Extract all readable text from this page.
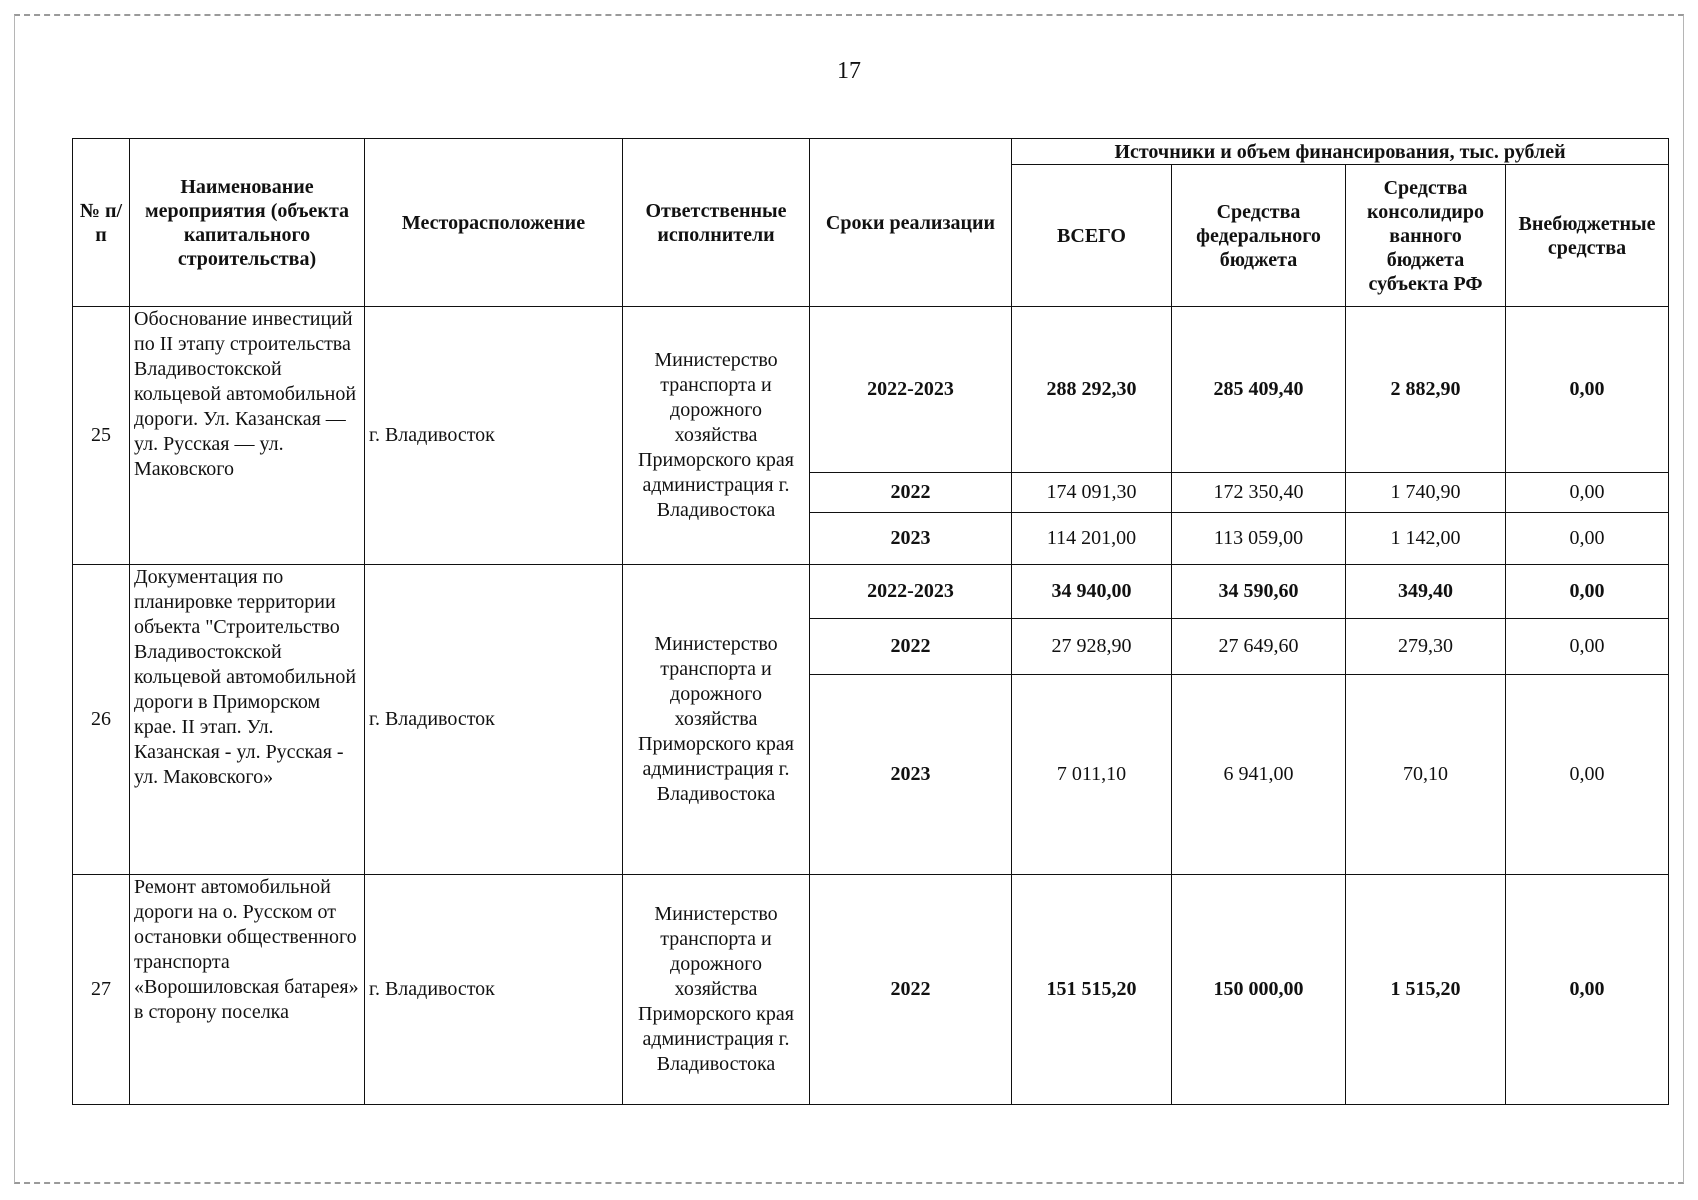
17
№ п/п	Наименование мероприятия (объекта капитального строительства)	Месторасположение	Ответственные исполнители	Сроки реализации	Источники и объем финансирования, тыс. рублей			
					ВСЕГО	Средства федерального бюджета	Средства консолидиро ванного бюджета субъекта РФ	Внебюджетные средства
25	Обоснование инвестиций по II этапу строительства Владивостокской кольцевой автомобильной дороги. Ул. Казанская — ул. Русская — ул. Маковского	г. Владивосток	Министерство транспорта и дорожного хозяйства Приморского края администрация г. Владивостока	2022-2023	288 292,30	285 409,40	2 882,90	0,00
				2022	174 091,30	172 350,40	1 740,90	0,00
				2023	114 201,00	113 059,00	1 142,00	0,00
26	Документация по планировке территории объекта "Строительство Владивостокской кольцевой автомобильной дороги в Приморском крае. II этап. Ул. Казанская - ул. Русская - ул. Маковского»	г. Владивосток	Министерство транспорта и дорожного хозяйства Приморского края администрация г. Владивостока	2022-2023	34 940,00	34 590,60	349,40	0,00
				2022	27 928,90	27 649,60	279,30	0,00
				2023	7 011,10	6 941,00	70,10	0,00
27	Ремонт автомобильной дороги на о. Русском от остановки общественного транспорта «Ворошиловская батарея» в сторону поселка	г. Владивосток	Министерство транспорта и дорожного хозяйства Приморского края администрация г. Владивостока	2022	151 515,20	150 000,00	1 515,20	0,00
